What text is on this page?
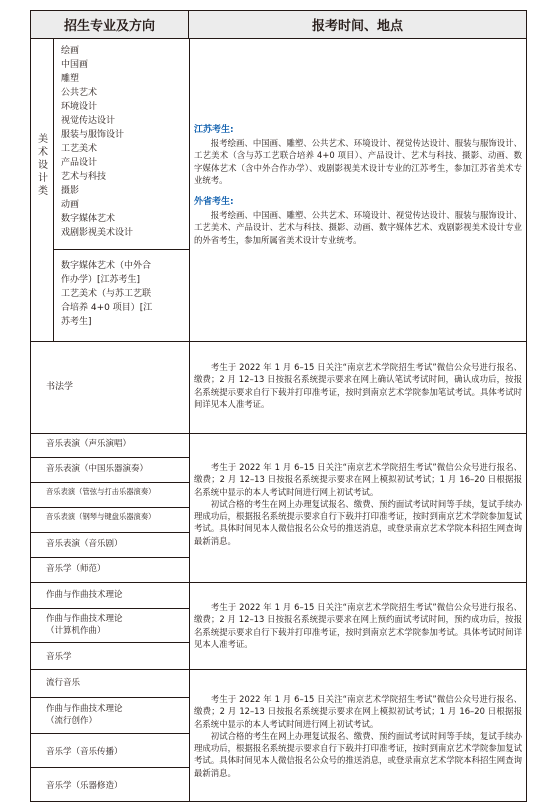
招生专业及方向	报考时间、地点
美术设计类
绘画
中国画
雕塑
公共艺术
环境设计
视觉传达设计
服装与服饰设计
工艺美术
产品设计
艺术与科技
摄影
动画
数字媒体艺术
戏剧影视美术设计
数字媒体艺术（中外合
作办学）[江苏考生]
工艺美术（与苏工艺联
合培养 4+0 项目）[江
苏考生]
江苏考生:

报考绘画、中国画、雕塑、公共艺术、环境设计、视觉传达设计、服装与服饰设计、工艺美术（含与苏工艺联合培养 4+0 项目）、产品设计、艺术与科技、摄影、动画、数字媒体艺术（含中外合作办学）、戏剧影视美术设计专业的江苏考生，参加江苏省美术专业统考。

外省考生:

报考绘画、中国画、雕塑、公共艺术、环境设计、视觉传达设计、服装与服饰设计、工艺美术、产品设计、艺术与科技、摄影、动画、数字媒体艺术、戏剧影视美术设计专业的外省考生，参加所属省美术设计专业统考。

书法学

考生于 2022 年 1 月 6–15 日关注“南京艺术学院招生考试”微信公众号进行报名、缴费；2 月 12–13 日按报名系统提示要求在网上确认笔试考试时间，确认成功后，按报名系统提示要求自行下载并打印准考证，按时到南京艺术学院参加笔试考试。具体考试时间详见本人准考证。

音乐表演（声乐演唱）
音乐表演（中国乐器演奏）
音乐表演（管弦与打击乐器演奏）
音乐表演（钢琴与键盘乐器演奏）
音乐表演（音乐剧）
音乐学（师范）

考生于 2022 年 1 月 6–15 日关注“南京艺术学院招生考试”微信公众号进行报名、缴费；2 月 12–13 日按报名系统提示要求在网上模拟初试考试；1 月 16–20 日根据报名系统中显示的本人考试时间进行网上初试考试。

初试合格的考生在网上办理复试报名、缴费、预约面试考试时间等手续，复试手续办理成功后，根据报名系统提示要求自行下载并打印准考证，按时到南京艺术学院参加复试考试。具体时间见本人微信报名公众号的推送消息，或登录南京艺术学院本科招生网查询最新消息。

作曲与作曲技术理论
作曲与作曲技术理论
（计算机作曲）
音乐学

考生于 2022 年 1 月 6–15 日关注“南京艺术学院招生考试”微信公众号进行报名、缴费；2 月 12–13 日按报名系统提示要求在网上预约面试考试时间，预约成功后，按报名系统提示要求自行下载并打印准考证，按时到南京艺术学院参加考试。具体考试时间详见本人准考证。

流行音乐
作曲与作曲技术理论
（流行创作）
音乐学（音乐传播）
音乐学（乐器修造）

考生于 2022 年 1 月 6–15 日关注“南京艺术学院招生考试”微信公众号进行报名、缴费；2 月 12–13 日按报名系统提示要求在网上模拟初试考试；1 月 16–20 日根据报名系统中显示的本人考试时间进行网上初试考试。

初试合格的考生在网上办理复试报名、缴费、预约面试考试时间等手续，复试手续办理成功后，根据报名系统提示要求自行下载并打印准考证，按时到南京艺术学院参加复试考试。具体时间见本人微信报名公众号的推送消息，或登录南京艺术学院本科招生网查询最新消息。
